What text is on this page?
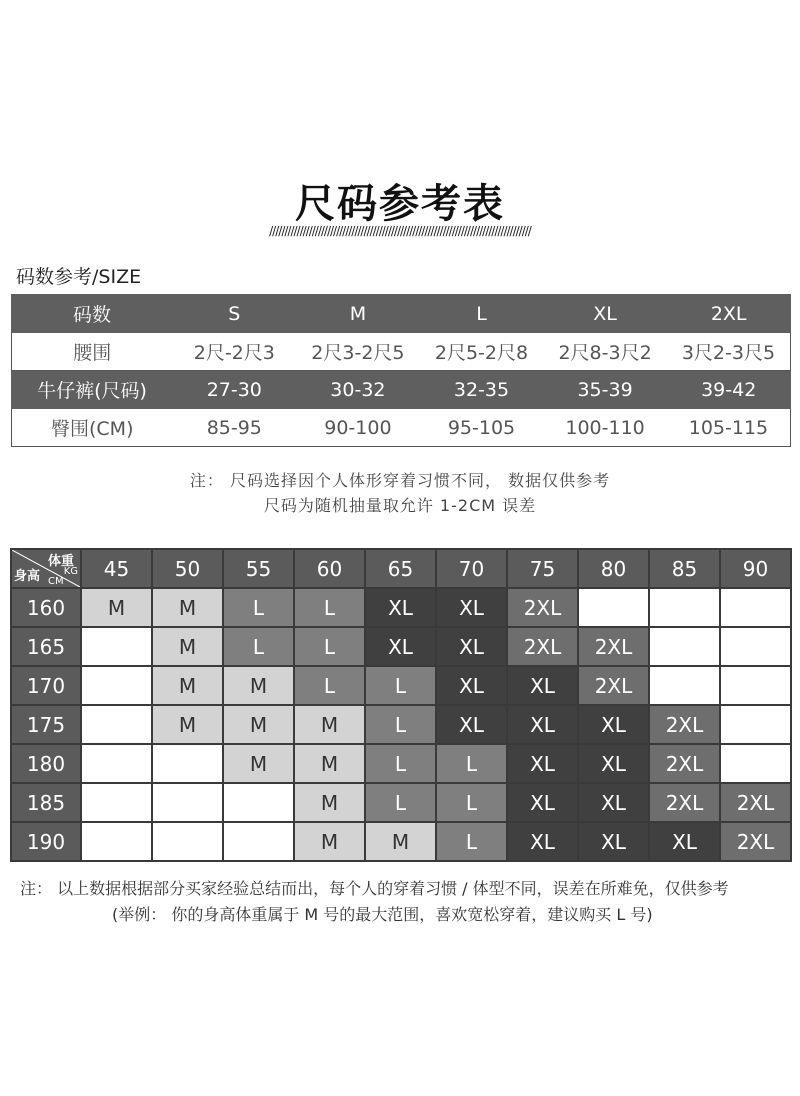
尺码参考表
//////////////////////////////////////////////////////////////////////////////////////
码数参考/SIZE
码数	S	M	L	XL	2XL
腰围	2尺-2尺3	2尺3-2尺5	2尺5-2尺8	2尺8-3尺2	3尺2-3尺5
牛仔裤(尺码)	27-30	30-32	32-35	35-39	39-42
臀围(CM)	85-95	90-100	95-105	100-110	105-115
注： 尺码选择因个人体形穿着习惯不同， 数据仅供参考
尺码为随机抽量取允许 1-2CM 误差
体重
KG
身高 CM	45	50	55	60	65	70	75	80	85	90
160	M	M	L	L	XL	XL	2XL			
165		M	L	L	XL	XL	2XL	2XL		
170		M	M	L	L	XL	XL	2XL		
175		M	M	M	L	XL	XL	XL	2XL	
180			M	M	L	L	XL	XL	2XL	
185				M	L	L	XL	XL	2XL	2XL
190				M	M	L	XL	XL	XL	2XL
注： 以上数据根据部分买家经验总结而出，每个人的穿着习惯 / 体型不同，误差在所难免，仅供参考
(举例： 你的身高体重属于 M 号的最大范围，喜欢宽松穿着，建议购买 L 号)
